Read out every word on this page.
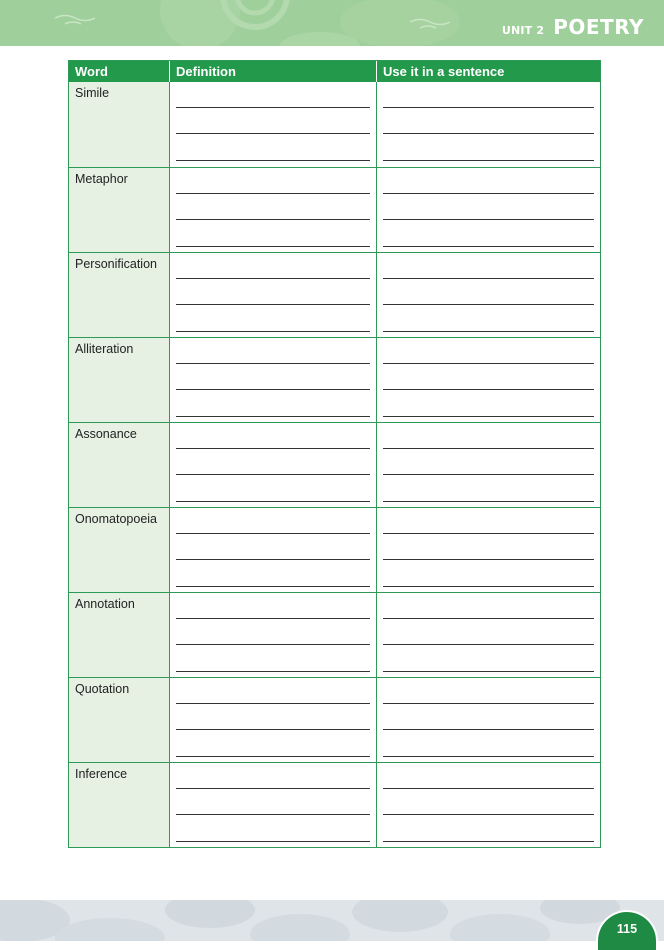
UNIT 2 POETRY
Word	Definition	Use it in a sentence
Simile
Metaphor
Personification
Alliteration
Assonance
Onomatopoeia
Annotation
Quotation
Inference
115
